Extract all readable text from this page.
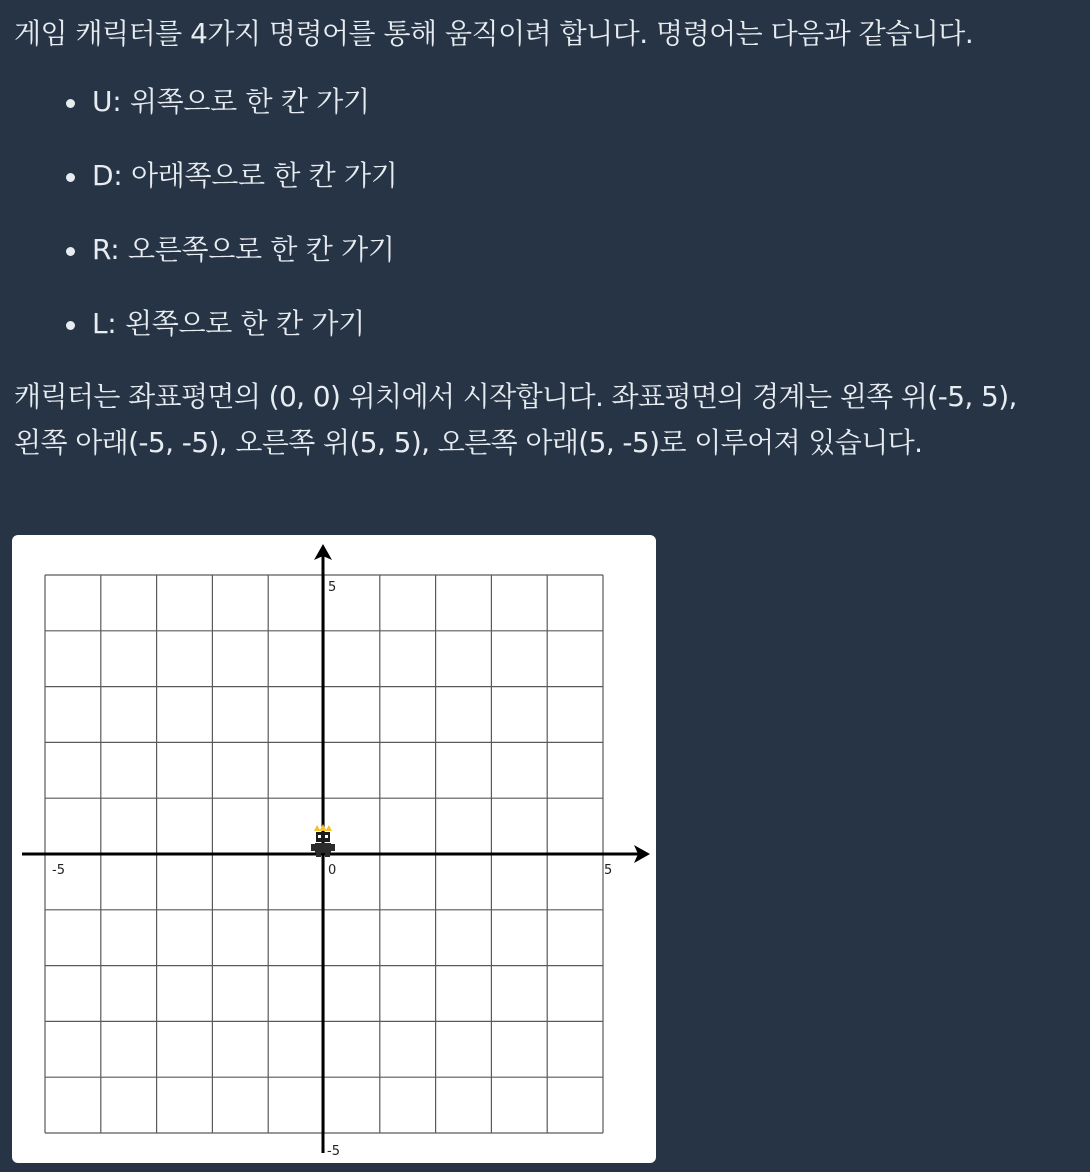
게임 캐릭터를 4가지 명령어를 통해 움직이려 합니다. 명령어는 다음과 같습니다.

U: 위쪽으로 한 칸 가기
D: 아래쪽으로 한 칸 가기
R: 오른쪽으로 한 칸 가기
L: 왼쪽으로 한 칸 가기

캐릭터는 좌표평면의 (0, 0) 위치에서 시작합니다. 좌표평면의 경계는 왼쪽 위(-5, 5), 왼쪽 아래(-5, -5), 오른쪽 위(5, 5), 오른쪽 아래(5, -5)로 이루어져 있습니다.

-5	5
5
-5
0
